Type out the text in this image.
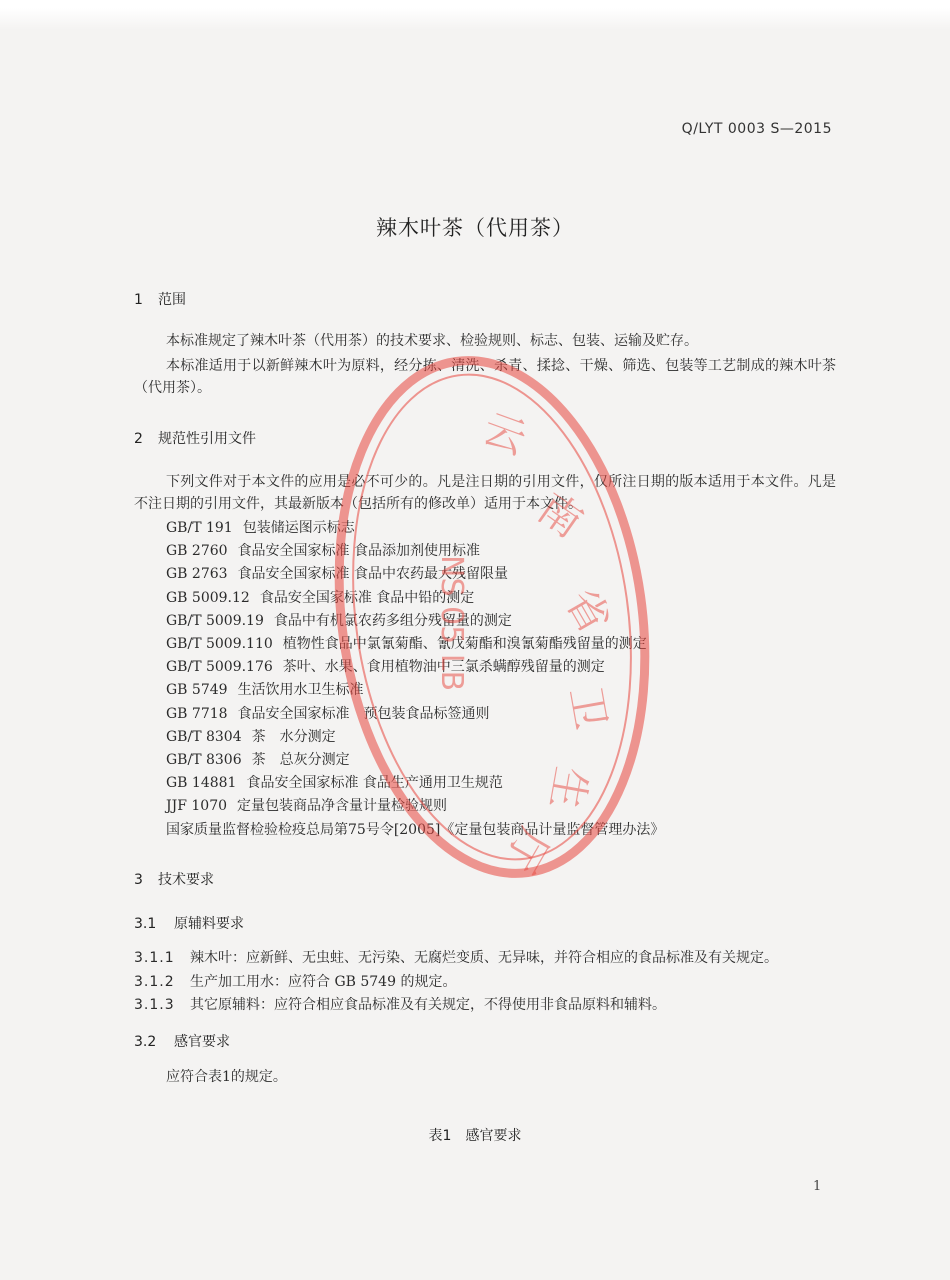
Q/LYT 0003 S—2015
辣木叶茶（代用茶）
1 范围
本标准规定了辣木叶茶（代用茶）的技术要求、检验规则、标志、包装、运输及贮存。
本标准适用于以新鲜辣木叶为原料，经分拣、清洗、杀青、揉捻、干燥、筛选、包装等工艺制成的辣木叶茶（代用茶）。
2 规范性引用文件
下列文件对于本文件的应用是必不可少的。凡是注日期的引用文件，仅所注日期的版本适用于本文件。凡是不注日期的引用文件，其最新版本（包括所有的修改单）适用于本文件。
GB/T 191 包装储运图示标志
GB 2760 食品安全国家标准 食品添加剂使用标准
GB 2763 食品安全国家标准 食品中农药最大残留限量
GB 5009.12 食品安全国家标准 食品中铅的测定
GB/T 5009.19 食品中有机氯农药多组分残留量的测定
GB/T 5009.110 植物性食品中氯氰菊酯、氰戊菊酯和溴氰菊酯残留量的测定
GB/T 5009.176 茶叶、水果、食用植物油中三氯杀螨醇残留量的测定
GB 5749 生活饮用水卫生标准
GB 7718 食品安全国家标准　预包装食品标签通则
GB/T 8304 茶　水分测定
GB/T 8306 茶　总灰分测定
GB 14881 食品安全国家标准 食品生产通用卫生规范
JJF 1070 定量包装商品净含量计量检验规则
国家质量监督检验检疫总局第75号令[2005]《定量包装商品计量监督管理办法》
3 技术要求
3.1 原辅料要求
3.1.1 辣木叶：应新鲜、无虫蛀、无污染、无腐烂变质、无异味，并符合相应的食品标准及有关规定。
3.1.2 生产加工用水：应符合 GB 5749 的规定。
3.1.3 其它原辅料：应符合相应食品标准及有关规定，不得使用非食品原料和辅料。
3.2 感官要求
应符合表1的规定。
表1　感官要求
1
云
南
省
卫
生
厅
NS 05 LB
